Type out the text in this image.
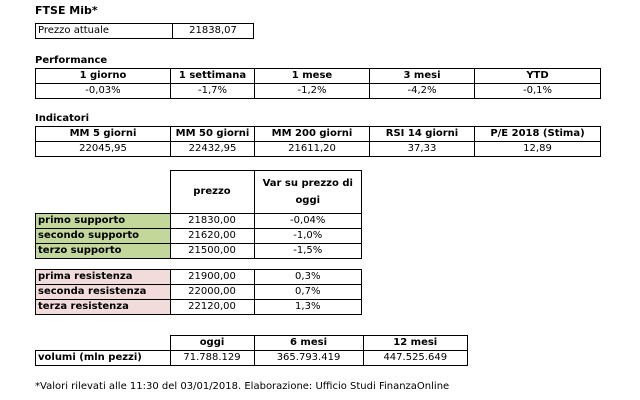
FTSE Mib*
Prezzo attuale	21838,07
Performance
1 giorno	1 settimana	1 mese	3 mesi	YTD
-0,03%	-1,7%	-1,2%	-4,2%	-0,1%
Indicatori
MM 5 giorni	MM 50 giorni	MM 200 giorni	RSI 14 giorni	P/E 2018 (Stima)
22045,95	22432,95	21611,20	37,33	12,89
	prezzo	Var su prezzo di oggi
primo supporto	21830,00	-0,04%
secondo supporto	21620,00	-1,0%
terzo supporto	21500,00	-1,5%

prima resistenza	21900,00	0,3%
seconda resistenza	22000,00	0,7%
terza resistenza	22120,00	1,3%
	oggi	6 mesi	12 mesi
volumi (mln pezzi)	71.788.129	365.793.419	447.525.649
*Valori rilevati alle 11:30 del 03/01/2018. Elaborazione: Ufficio Studi FinanzaOnline
